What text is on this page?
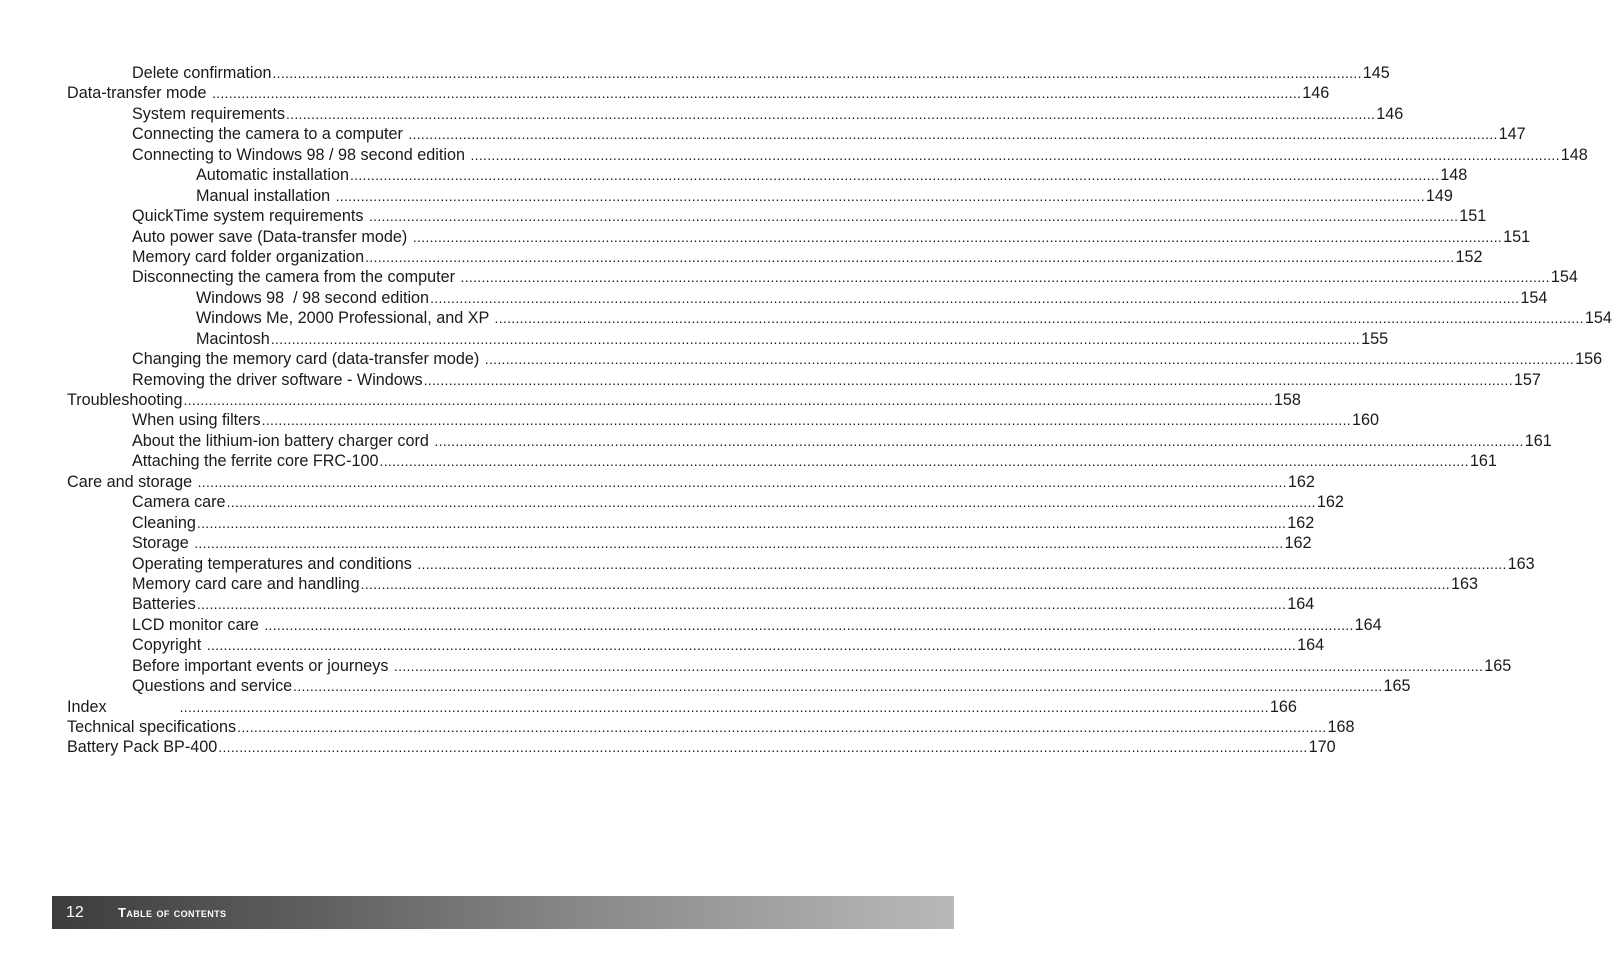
Delete confirmation .................................................................................................................................................................................................................................................................... 145
Data-transfer mode .................................................................................................................................................................................................................................................................... 146
System requirements .................................................................................................................................................................................................................................................................... 146
Connecting the camera to a computer .................................................................................................................................................................................................................................................................... 147
Connecting to Windows 98 / 98 second edition .................................................................................................................................................................................................................................................................... 148
Automatic installation .................................................................................................................................................................................................................................................................... 148
Manual installation .................................................................................................................................................................................................................................................................... 149
QuickTime system requirements .................................................................................................................................................................................................................................................................... 151
Auto power save (Data-transfer mode) .................................................................................................................................................................................................................................................................... 151
Memory card folder organization .................................................................................................................................................................................................................................................................... 152
Disconnecting the camera from the computer .................................................................................................................................................................................................................................................................... 154
Windows 98  / 98 second edition .................................................................................................................................................................................................................................................................... 154
Windows Me, 2000 Professional, and XP .................................................................................................................................................................................................................................................................... 154
Macintosh .................................................................................................................................................................................................................................................................... 155
Changing the memory card (data-transfer mode) .................................................................................................................................................................................................................................................................... 156
Removing the driver software - Windows .................................................................................................................................................................................................................................................................... 157
Troubleshooting .................................................................................................................................................................................................................................................................... 158
When using filters .................................................................................................................................................................................................................................................................... 160
About the lithium-ion battery charger cord .................................................................................................................................................................................................................................................................... 161
Attaching the ferrite core FRC-100 .................................................................................................................................................................................................................................................................... 161
Care and storage .................................................................................................................................................................................................................................................................... 162
Camera care .................................................................................................................................................................................................................................................................... 162
Cleaning .................................................................................................................................................................................................................................................................... 162
Storage .................................................................................................................................................................................................................................................................... 162
Operating temperatures and conditions .................................................................................................................................................................................................................................................................... 163
Memory card care and handling .................................................................................................................................................................................................................................................................... 163
Batteries .................................................................................................................................................................................................................................................................... 164
LCD monitor care .................................................................................................................................................................................................................................................................... 164
Copyright .................................................................................................................................................................................................................................................................... 164
Before important events or journeys .................................................................................................................................................................................................................................................................... 165
Questions and service .................................................................................................................................................................................................................................................................... 165
Index .................................................................................................................................................................................................................................................................... 166
Technical specifications .................................................................................................................................................................................................................................................................... 168
Battery Pack BP-400 .................................................................................................................................................................................................................................................................... 170
12	Table of contents
